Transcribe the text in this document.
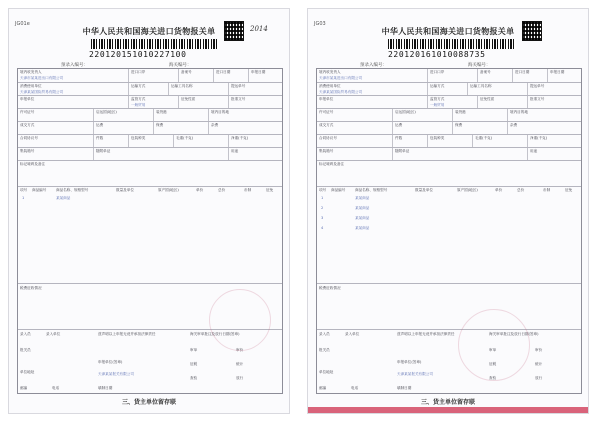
JG01e
中华人民共和国海关进口货物报关单	2014
220120151010227100
预录入编号：	海关编号：
境内收发货人
天津市某某进出口有限公司
进口口岸	备案号	进口日期	申报日期
消费使用单位
天津某某国际贸易有限公司
运输方式	运输工具名称	提运单号
申报单位	监管方式
一般贸易
征免性质	批准文号
许可证号	启运国(地区)	装货港	境内目的地
成交方式	运费	保费	杂费
合同协议号	件数	包装种类	毛重(千克)	净重(千克)
集装箱号	随附单证	用途
标记唛码及备注
项号 商品编号	商品名称、规格型号	数量及单位	原产国(地区)	单价	总价	币制	征免
1	某某商品
税费征收情况
录入员	录入单位	兹声明以上申报无讹并承担法律责任	海关审单批注及放行日期(签章)
报关员	审单	审价
申报单位(签章)	征税	统计
单位地址	天津某某报关有限公司
查验	放行
邮编	电话	填制日期
三、货主单位留存联
JG03
中华人民共和国海关进口货物报关单
220120161010088735
预录入编号：	海关编号：
境内收发货人
天津市某某进出口有限公司
进口口岸	备案号	进口日期	申报日期
消费使用单位
天津某某国际贸易有限公司
运输方式	运输工具名称	提运单号
申报单位	监管方式
一般贸易
征免性质	批准文号
许可证号	启运国(地区)	装货港	境内目的地
成交方式	运费	保费	杂费
合同协议号	件数	包装种类	毛重(千克)	净重(千克)
集装箱号	随附单证	用途
标记唛码及备注
项号 商品编号	商品名称、规格型号	数量及单位	原产国(地区)	单价	总价	币制	征免
1	某某商品
2	某某商品
3	某某商品
4	某某商品
税费征收情况
录入员	录入单位	兹声明以上申报无讹并承担法律责任	海关审单批注及放行日期(签章)
报关员	审单	审价
申报单位(签章)	征税	统计
单位地址	天津某某报关有限公司
查验	放行
邮编	电话	填制日期
三、货主单位留存联
